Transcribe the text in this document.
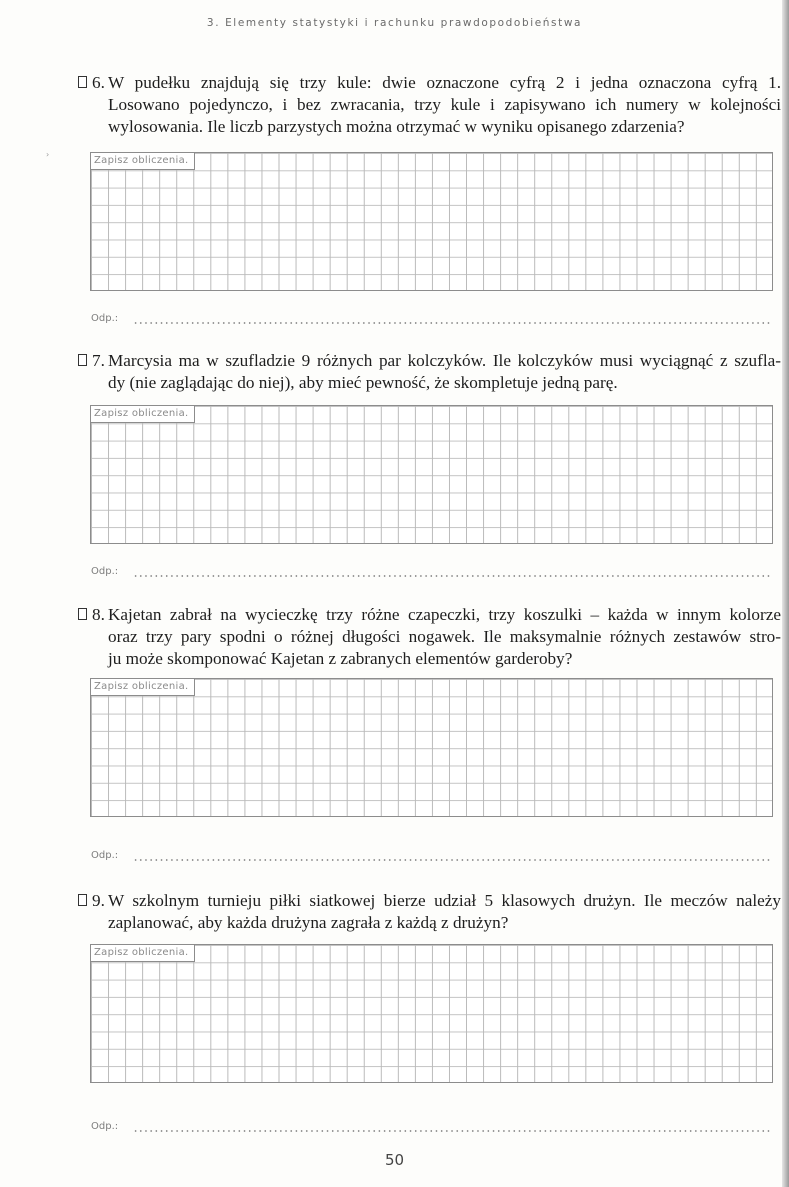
3. Elementy statystyki i rachunku prawdopodobieństwa
›
6. W pudełku znajdują się trzy kule: dwie oznaczone cyfrą 2 i jedna oznaczona cyfrą 1.
Losowano pojedynczo, i bez zwracania, trzy kule i zapisywano ich numery w kolejności
wylosowania. Ile liczb parzystych można otrzymać w wyniku opisanego zdarzenia?
Zapisz obliczenia.
Odp.:
7. Marcysia ma w szufladzie 9 różnych par kolczyków. Ile kolczyków musi wyciągnąć z szufla-
dy (nie zaglądając do niej), aby mieć pewność, że skompletuje jedną parę.
Zapisz obliczenia.
Odp.:
8. Kajetan zabrał na wycieczkę trzy różne czapeczki, trzy koszulki – każda w innym kolorze
oraz trzy pary spodni o różnej długości nogawek. Ile maksymalnie różnych zestawów stro-
ju może skomponować Kajetan z zabranych elementów garderoby?
Zapisz obliczenia.
Odp.:
9. W szkolnym turnieju piłki siatkowej bierze udział 5 klasowych drużyn. Ile meczów należy
zaplanować, aby każda drużyna zagrała z każdą z drużyn?
Zapisz obliczenia.
Odp.:
50
